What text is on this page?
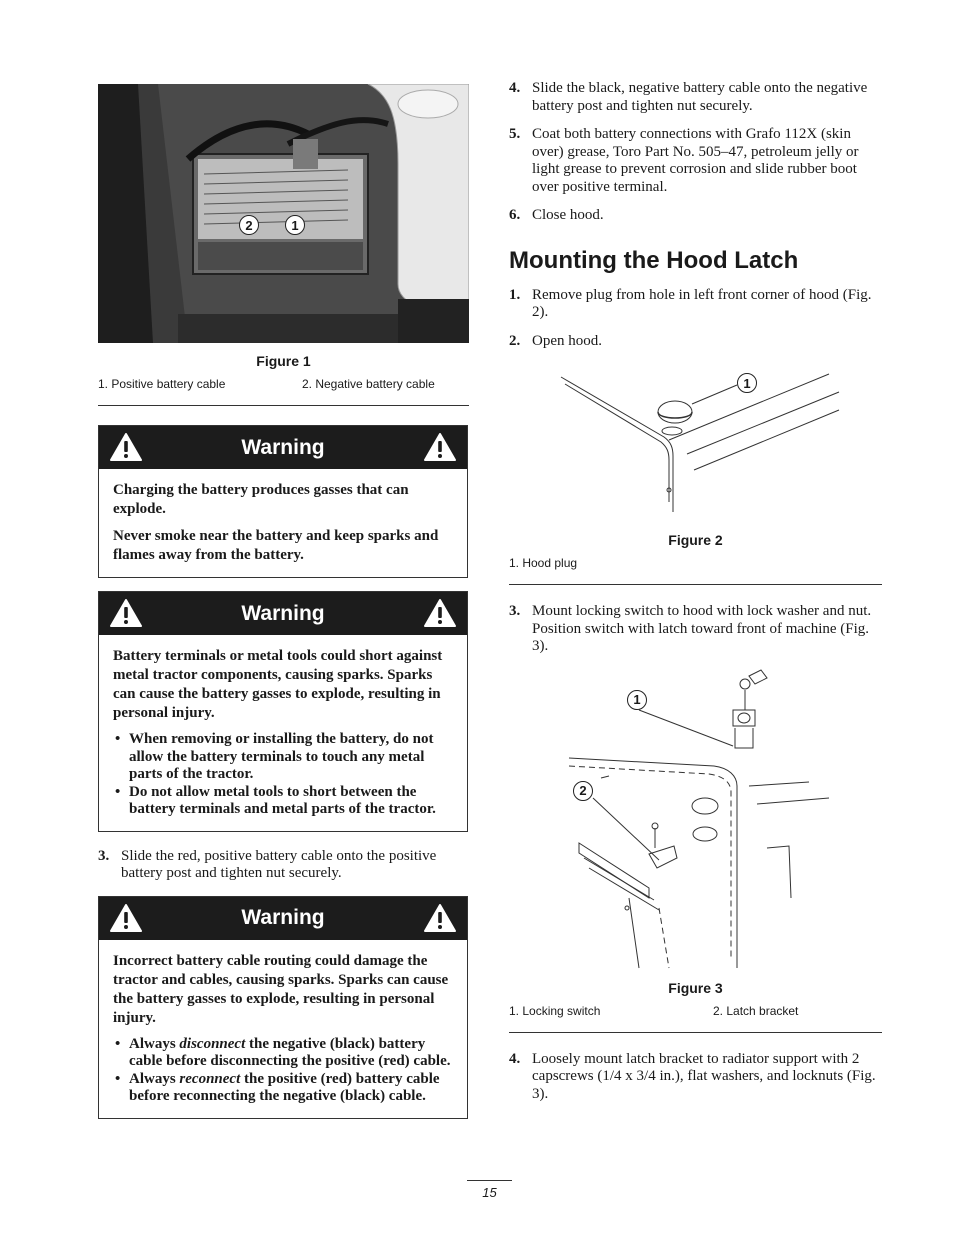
2	1
Figure 1
1. Positive battery cable	2. Negative battery cable
Warning

Charging the battery produces gasses that can explode.

Never smoke near the battery and keep sparks and flames away from the battery.

Warning

Battery terminals or metal tools could short against metal tractor components, causing sparks. Sparks can cause the battery gasses to explode, resulting in personal injury.

• When removing or installing the battery, do not allow the battery terminals to touch any metal parts of the tractor.
• Do not allow metal tools to short between the battery terminals and metal parts of the tractor.
3. Slide the red, positive battery cable onto the positive battery post and tighten nut securely.
Warning

Incorrect battery cable routing could damage the tractor and cables, causing sparks. Sparks can cause the battery gasses to explode, resulting in personal injury.

• Always disconnect the negative (black) battery cable before disconnecting the positive (red) cable.
• Always reconnect the positive (red) battery cable before reconnecting the negative (black) cable.
4. Slide the black, negative battery cable onto the negative battery post and tighten nut securely.
5. Coat both battery connections with Grafo 112X (skin over) grease, Toro Part No. 505–47, petroleum jelly or light grease to prevent corrosion and slide rubber boot over positive terminal.
6. Close hood.
Mounting the Hood Latch
1. Remove plug from hole in left front corner of hood (Fig. 2).
2. Open hood.
1
Figure 2
1. Hood plug
3. Mount locking switch to hood with lock washer and nut. Position switch with latch toward front of machine (Fig. 3).
1
2
Figure 3
1. Locking switch	2. Latch bracket
4. Loosely mount latch bracket to radiator support with 2 capscrews (1/4 x 3/4 in.), flat washers, and locknuts (Fig. 3).
15
